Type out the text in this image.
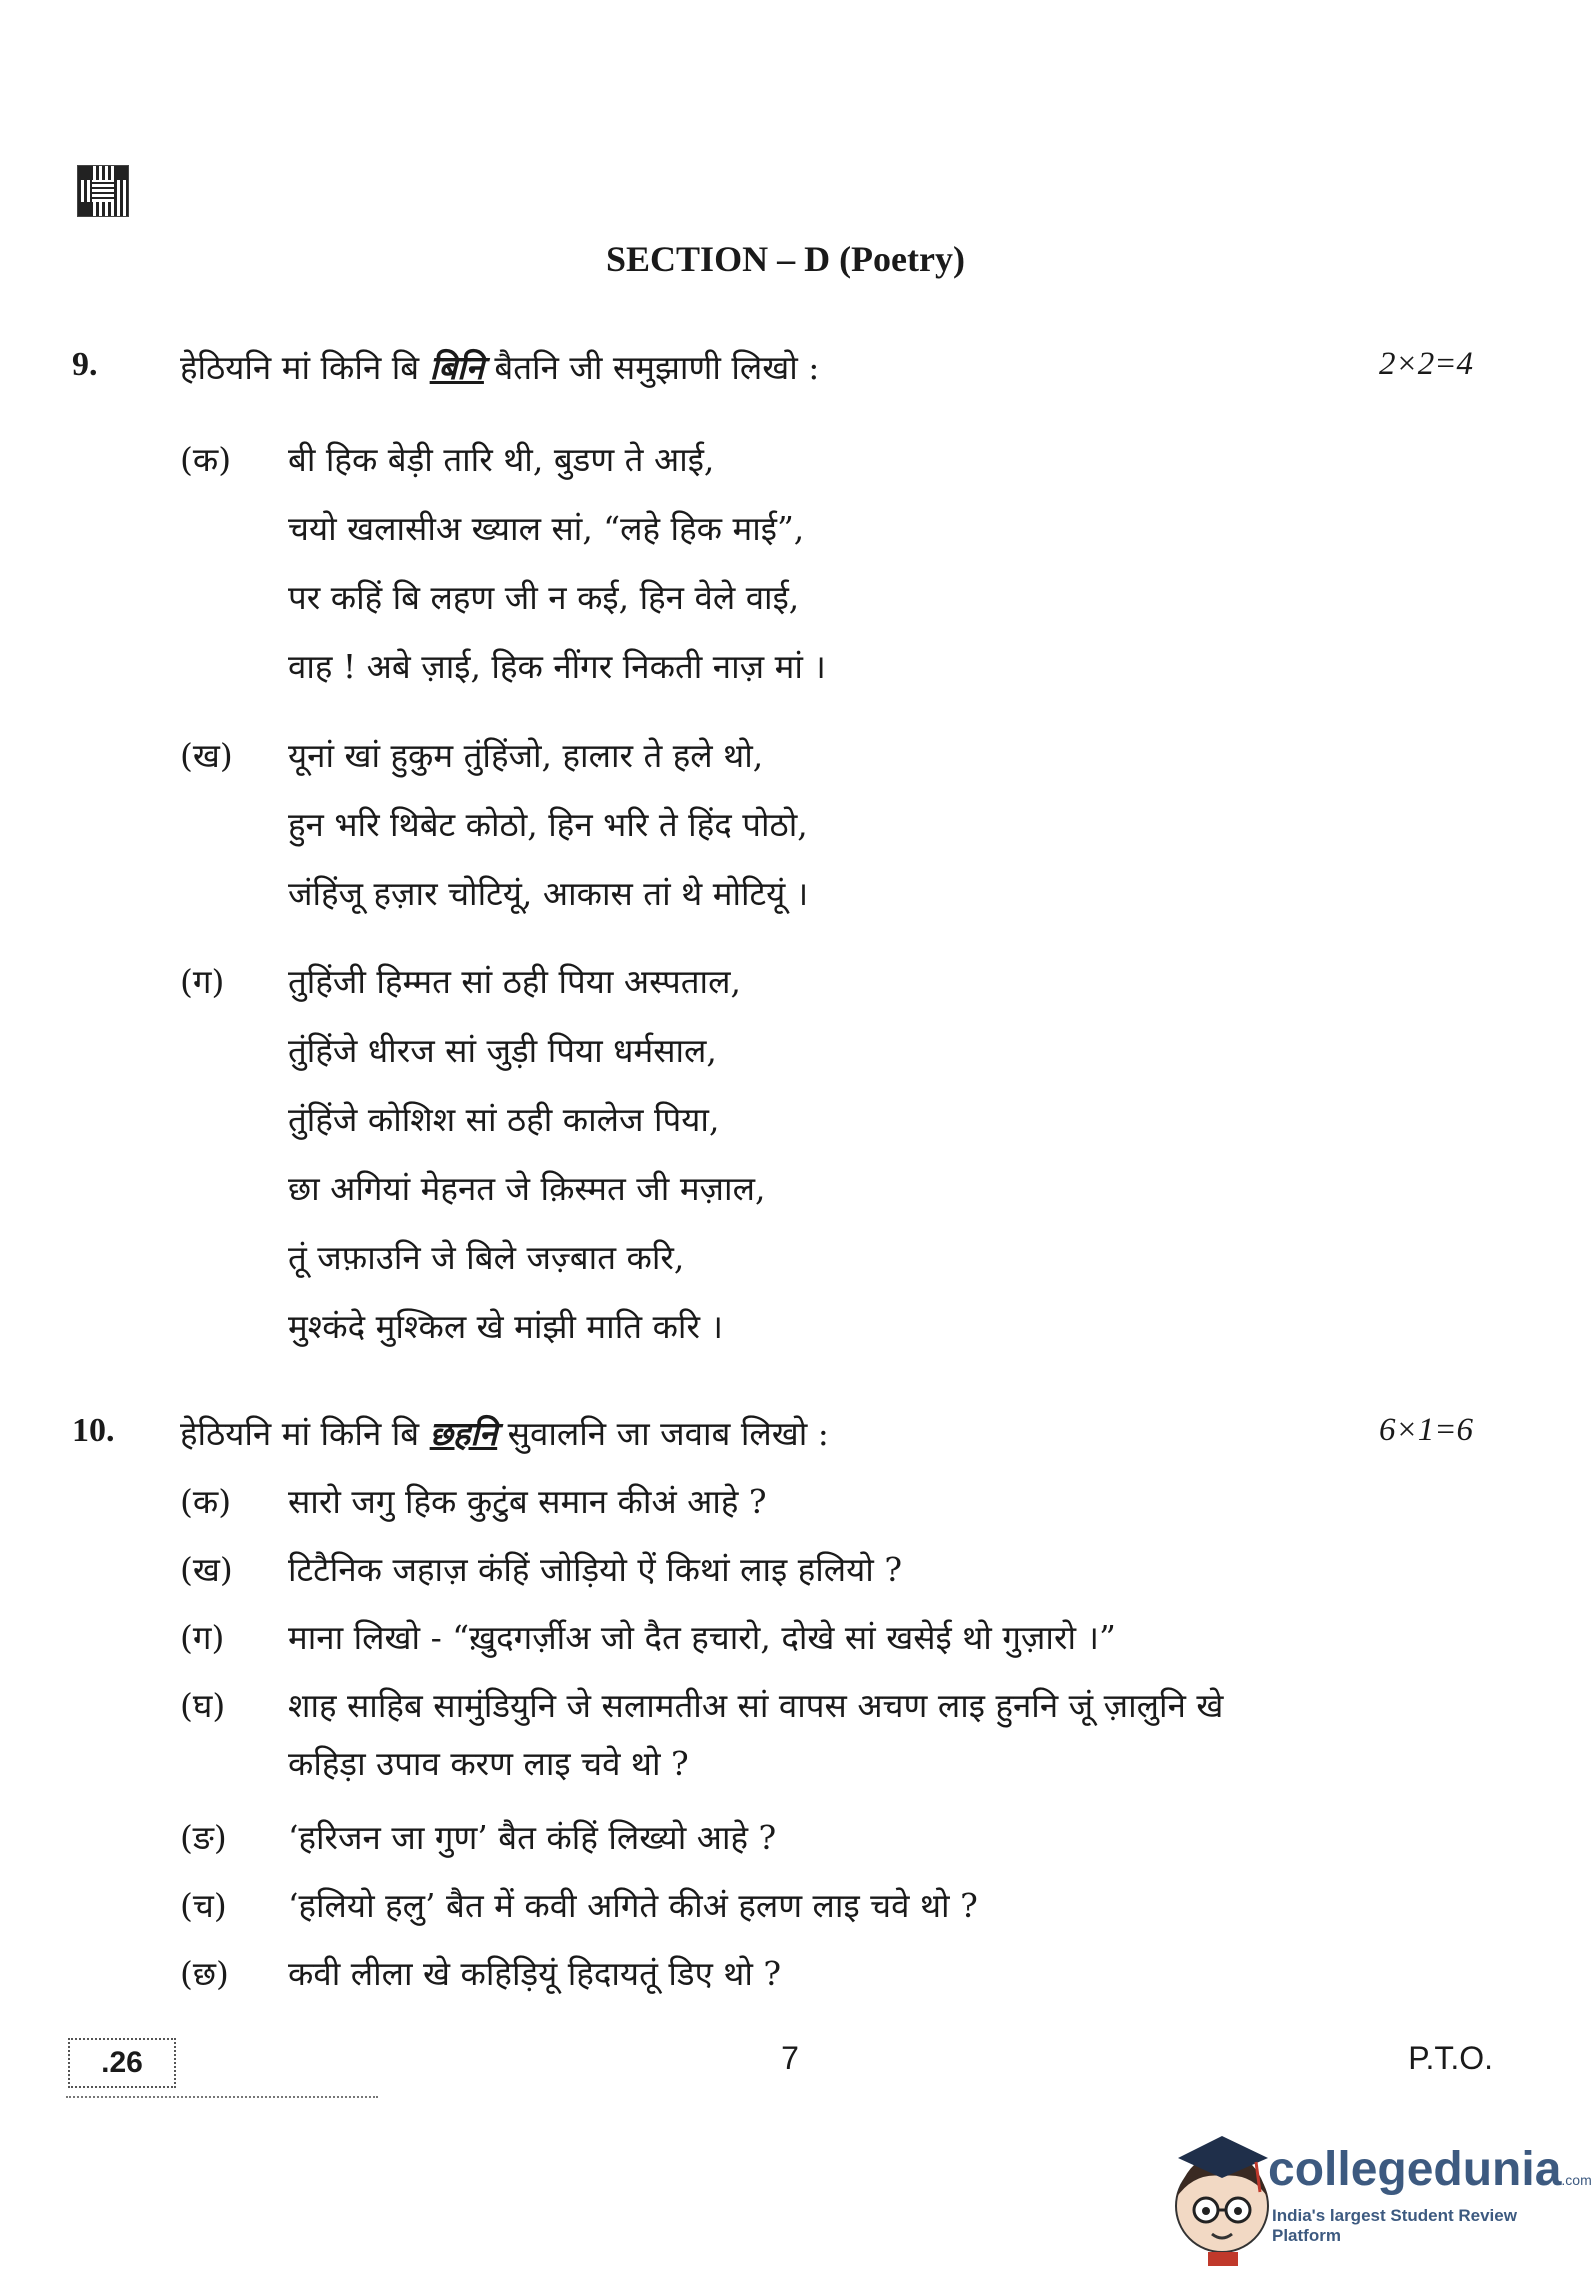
SECTION – D (Poetry)
9.	हेठियनि मां किनि बि बिनि बैतनि जी समुझाणी लिखो :	2×2=4
(क) बी हिक बेड़ी तारि थी, बुडण ते आई,
चयो खलासीअ ख्याल सां, “लहे हिक माई”,
पर कहिं बि लहण जी न कई, हिन वेले वाई,
वाह ! अबे ज़ाई, हिक नींगर निकती नाज़ मां ।
(ख) यूनां खां हुकुम तुंहिंजो, हालार ते हले थो,
हुन भरि थिबेट कोठो, हिन भरि ते हिंद पोठो,
जंहिंजू हज़ार चोटियूं, आकास तां थे मोटियूं ।
(ग) तुहिंजी हिम्मत सां ठही पिया अस्पताल,
तुंहिंजे धीरज सां जुड़ी पिया धर्मसाल,
तुंहिंजे कोशिश सां ठही कालेज पिया,
छा अगियां मेहनत जे क़िस्मत जी मज़ाल,
तूं जफ़ाउनि जे बिले जज़्बात करि,
मुश्कंदे मुश्किल खे मांझी माति करि ।
10. हेठियनि मां किनि बि छहनि सुवालनि जा जवाब लिखो :	6×1=6
(क) सारो जगु हिक कुटुंब समान कीअं आहे ?
(ख) टिटैनिक जहाज़ कंहिं जोड़ियो ऐं किथां लाइ हलियो ?
(ग) माना लिखो - “ख़ुदगर्ज़ीअ जो दैत हचारो, दोखे सां खसेई थो गुज़ारो ।”
(घ) शाह साहिब सामुंडियुनि जे सलामतीअ सां वापस अचण लाइ हुननि जूं ज़ालुनि खे
कहिड़ा उपाव करण लाइ चवे थो ?
(ङ) ‘हरिजन जा गुण’ बैत कंहिं लिख्यो आहे ?
(च) ‘हलियो हलु’ बैत में कवी अगिते कीअं हलण लाइ चवे थो ?
(छ) कवी लीला खे कहिड़ियूं हिदायतूं डिए थो ?
.26	7	P.T.O.
collegedunia.com
India's largest Student Review Platform
